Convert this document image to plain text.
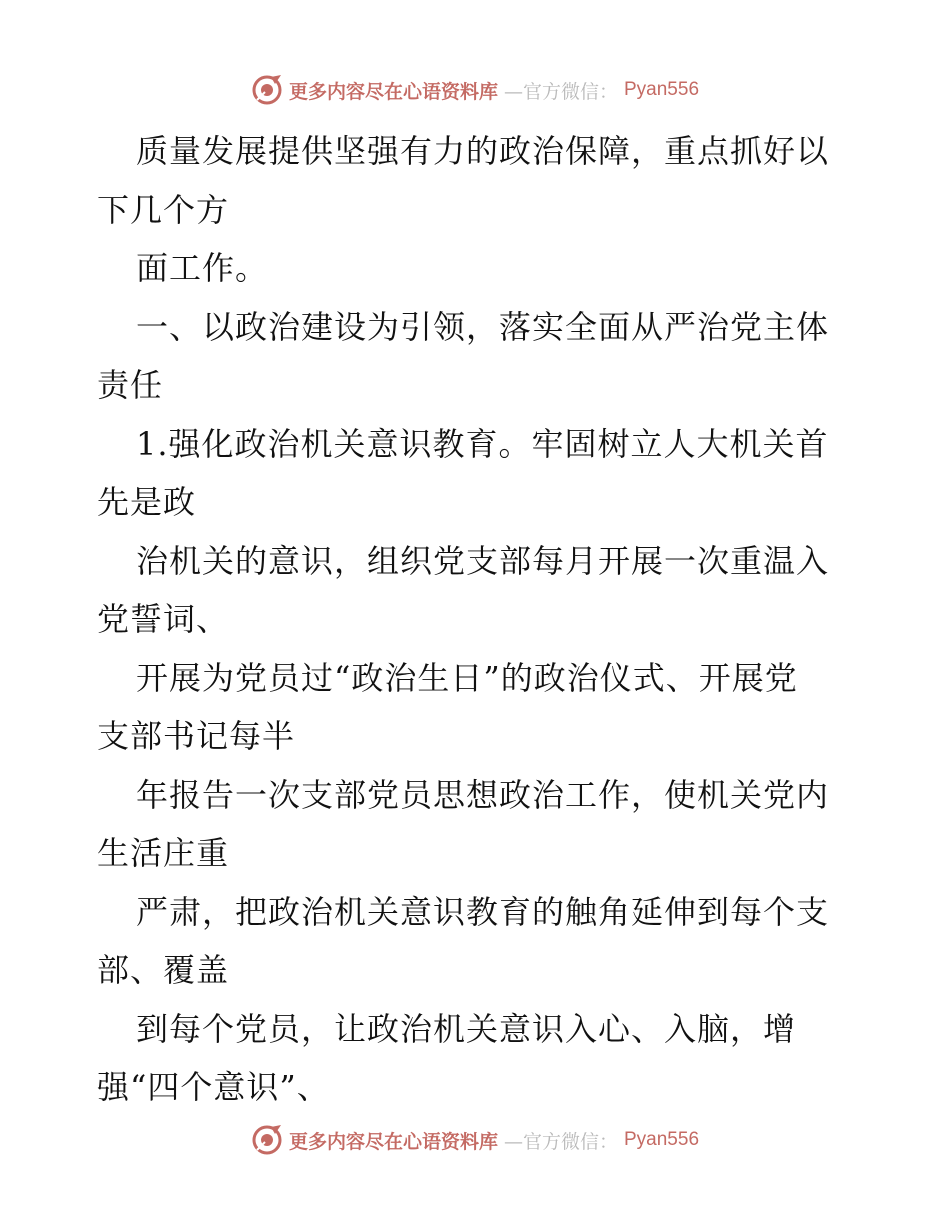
更多内容尽在心语资料库 —官方微信： Pyan556
质量发展提供坚强有力的政治保障，重点抓好以
下几个方
面工作。
一、以政治建设为引领，落实全面从严治党主体
责任
1.强化政治机关意识教育。牢固树立人大机关首
先是政
治机关的意识，组织党支部每月开展一次重温入
党誓词、
开展为党员过“政治生日”的政治仪式、开展党
支部书记每半
年报告一次支部党员思想政治工作，使机关党内
生活庄重
严肃，把政治机关意识教育的触角延伸到每个支
部、覆盖
到每个党员，让政治机关意识入心、入脑，增
强“四个意识”、
更多内容尽在心语资料库 —官方微信： Pyan556
